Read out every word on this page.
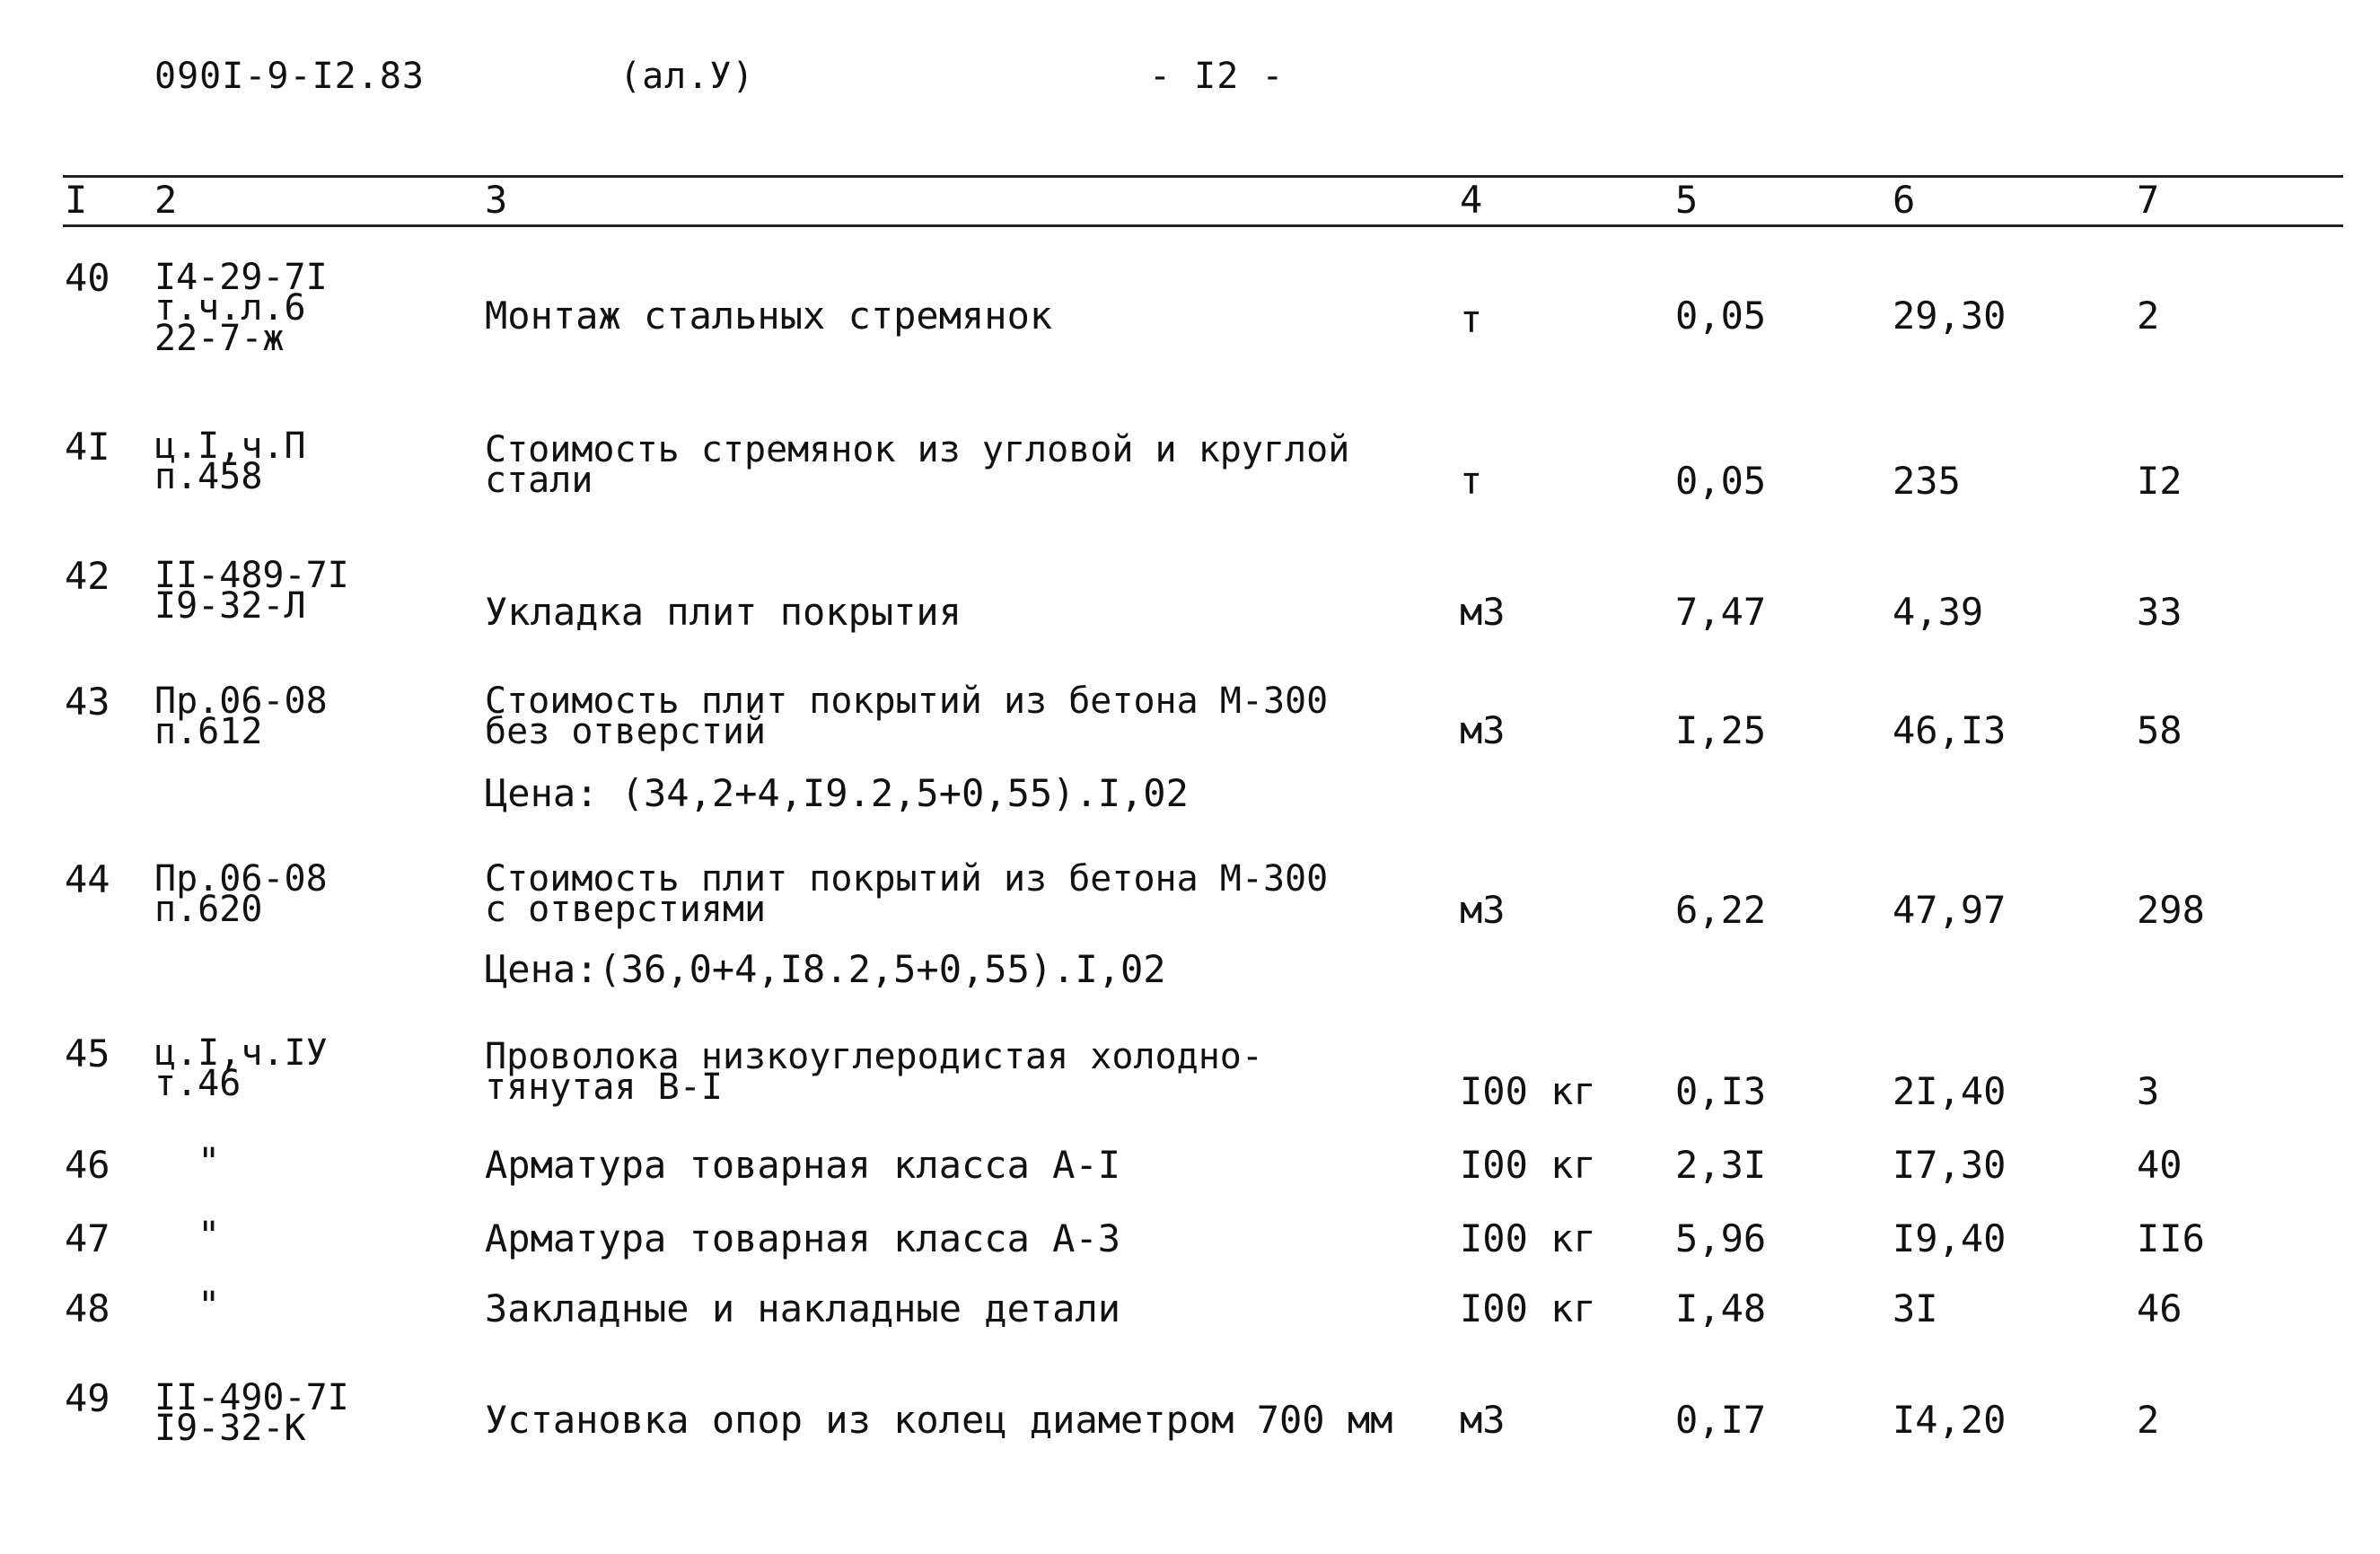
090I-9-I2.83	(ал.У)	- I2 -
I 2	3	4	5	6	7
40 I4-29-7I
т.ч.л.6
22-7-ж
Монтаж стальных стремянок	т	0,05	29,30	2
4I ц.I,ч.П
п.458
Стоимость стремянок из угловой и круглой
стали	т	0,05	235	I2
42 II-489-7I
I9-32-Л	Укладка плит покрытия	м3	7,47	4,39	33
43 Пр.06-08
п.612
Стоимость плит покрытий из бетона М-300
без отверстий	м3	I,25	46,I3	58
Цена: (34,2+4,I9.2,5+0,55).I,02
44 Пр.06-08
п.620
Стоимость плит покрытий из бетона М-300
с отверстиями	м3	6,22	47,97	298
Цена:(36,0+4,I8.2,5+0,55).I,02
45 ц.I,ч.IУ
т.46
Проволока низкоуглеродистая холодно-
тянутая В-I	I00 кг 0,I3	2I,40	3
46 "	Арматура товарная класса А-I	I00 кг 2,3I	I7,30	40
47 "	Арматура товарная класса А-3	I00 кг 5,96	I9,40	II6
48 "	Закладные и накладные детали	I00 кг I,48	3I	46
49 II-490-7I
I9-32-К	Установка опор из колец диаметром 700 мм м3	0,I7	I4,20	2
